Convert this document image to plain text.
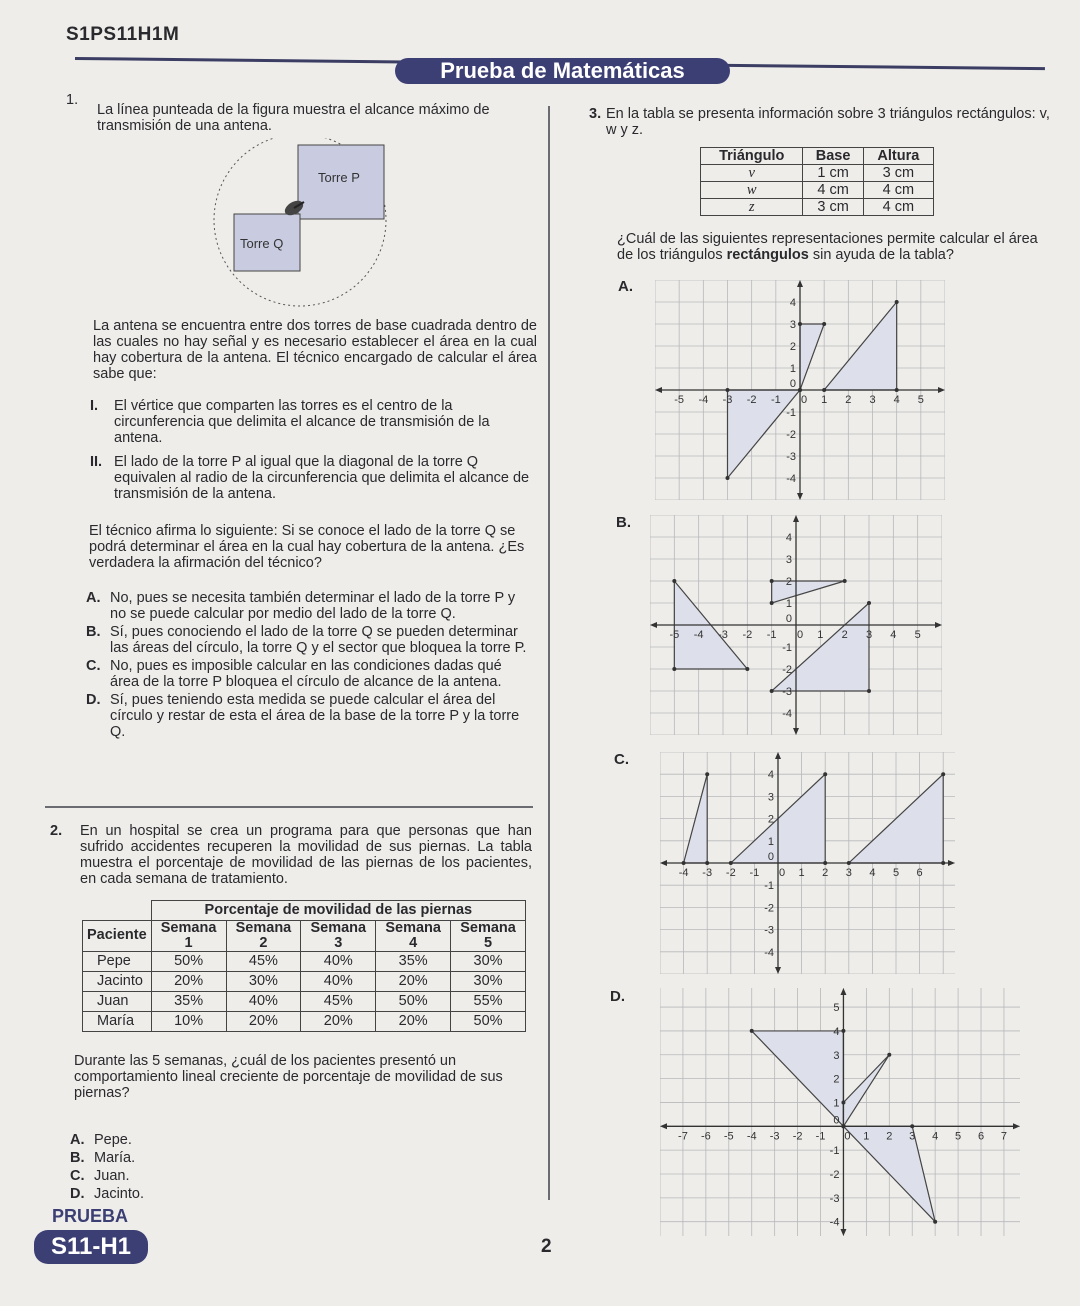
S1PS11H1M
Prueba de Matemáticas
1.
La línea punteada de la figura muestra el alcance máximo de transmisión de una antena.
Torre P
Torre Q
La antena se encuentra entre dos torres de base cuadrada dentro de las cuales no hay señal y es necesario establecer el área en la cual hay cobertura de la antena. El técnico encargado de calcular el área sabe que:
I.	El vértice que comparten las torres es el centro de la circunferencia que delimita el alcance de transmisión de la antena.
II. El lado de la torre P al igual que la diagonal de la torre Q equivalen al radio de la circunferencia que delimita el alcance de transmisión de la antena.
El técnico afirma lo siguiente: Si se conoce el lado de la torre Q se podrá determinar el área en la cual hay cobertura de la antena. ¿Es verdadera la afirmación del técnico?
A. No, pues se necesita también determinar el lado de la torre P y no se puede calcular por medio del lado de la torre Q.
B. Sí, pues conociendo el lado de la torre Q se pueden determinar las áreas del círculo, la torre Q y el sector que bloquea la torre P.
C. No, pues es imposible calcular en las condiciones dadas qué área de la torre P bloquea el círculo de alcance de la antena.
D. Sí, pues teniendo esta medida se puede calcular el área del círculo y restar de esta el área de la base de la torre P y la torre Q.
2. En un hospital se crea un programa para que personas que han sufrido accidentes recuperen la movilidad de sus piernas. La tabla muestra el porcentaje de movilidad de las piernas de los pacientes, en cada semana de tratamiento.
	Porcentaje de movilidad de las piernas				
Paciente	Semana 1	Semana 2	Semana 3	Semana 4	Semana 5
Pepe	50%	45%	40%	35%	30%
Jacinto	20%	30%	40%	20%	30%
Juan	35%	40%	45%	50%	55%
María	10%	20%	20%	20%	50%
Durante las 5 semanas, ¿cuál de los pacientes presentó un comportamiento lineal creciente de porcentaje de movilidad de sus piernas?
A. Pepe.
B. María.
C. Juan.
D. Jacinto.
3. En la tabla se presenta información sobre 3 triángulos rectángulos: v, w y z.
Triángulo	Base	Altura
v	1 cm	3 cm
w	4 cm	4 cm
z	3 cm	4 cm
¿Cuál de las siguientes representaciones permite calcular el área de los triángulos rectángulos sin ayuda de la tabla?
A.
-5 -4 -3 -2 -1 0 1 2 3 4 5
-4
-3
-2
-1
1
2
3
4
0
B.
-5 -4 -3 -2 -1 0 1 2 3 4 5
-4
-3
-2
-1
1
2
3
4
0
C.
-4 -3 -2 -1 0 1 2 3 4 5 6
-4
-3
-2
-1
1
2
3
4
0
D.
-7 -6 -5 -4 -3 -2 -1 0 1 2 3 4 5 6 7
-4
-3
-2
-1
1
2
3
4
5
0
PRUEBA
S11-H1	2
